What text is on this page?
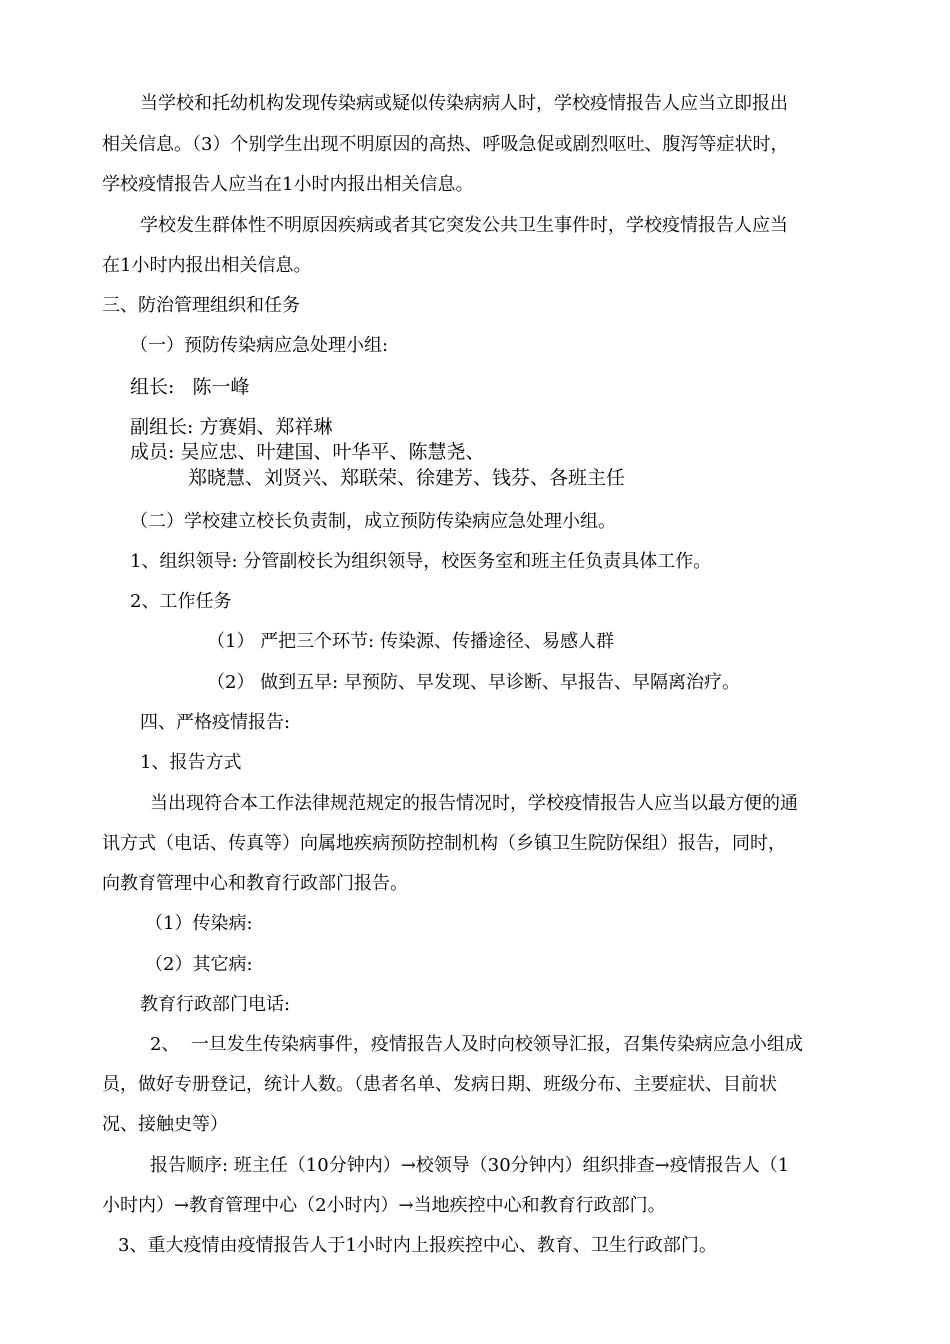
当学校和托幼机构发现传染病或疑似传染病病人时，学校疫情报告人应当立即报出

相关信息。（3）个别学生出现不明原因的高热、呼吸急促或剧烈呕吐、腹泻等症状时，

学校疫情报告人应当在1小时内报出相关信息。

学校发生群体性不明原因疾病或者其它突发公共卫生事件时，学校疫情报告人应当

在1小时内报出相关信息。

三、防治管理组织和任务

（一）预防传染病应急处理小组:

组长:   陈一峰

副组长: 方赛娟、郑祥琳

成员: 吴应忠、叶建国、叶华平、陈慧尧、

郑晓慧、刘贤兴、郑联荣、徐建芳、钱芬、各班主任

（二）学校建立校长负责制，成立预防传染病应急处理小组。

1、组织领导: 分管副校长为组织领导，校医务室和班主任负责具体工作。

2、工作任务

（1） 严把三个环节: 传染源、传播途径、易感人群

（2） 做到五早: 早预防、早发现、早诊断、早报告、早隔离治疗。

四、严格疫情报告:

1、报告方式

当出现符合本工作法律规范规定的报告情况时，学校疫情报告人应当以最方便的通

讯方式（电话、传真等）向属地疾病预防控制机构（乡镇卫生院防保组）报告，同时，

向教育管理中心和教育行政部门报告。

（1）传染病:

（2）其它病:

教育行政部门电话:

2、  一旦发生传染病事件，疫情报告人及时向校领导汇报，召集传染病应急小组成

员，做好专册登记，统计人数。（患者名单、发病日期、班级分布、主要症状、目前状

况、接触史等）

报告顺序: 班主任（10分钟内）→校领导（30分钟内）组织排查→疫情报告人（1

小时内）→教育管理中心（2小时内）→当地疾控中心和教育行政部门。

3、重大疫情由疫情报告人于1小时内上报疾控中心、教育、卫生行政部门。
